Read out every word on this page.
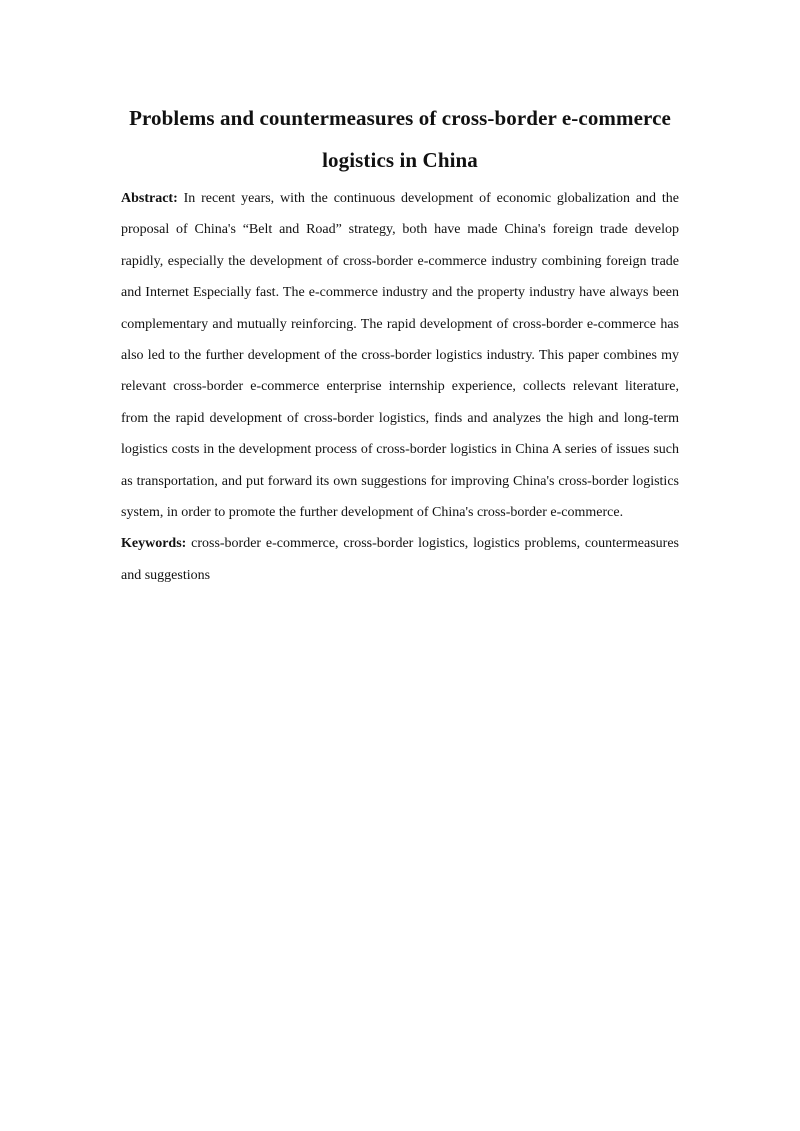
Problems and countermeasures of cross-border e-commerce logistics in China

Abstract: In recent years, with the continuous development of economic globalization and the proposal of China's “Belt and Road” strategy, both have made China's foreign trade develop rapidly, especially the development of cross-border e-commerce industry combining foreign trade and Internet Especially fast. The e-commerce industry and the property industry have always been complementary and mutually reinforcing. The rapid development of cross-border e-commerce has also led to the further development of the cross-border logistics industry. This paper combines my relevant cross-border e-commerce enterprise internship experience, collects relevant literature, from the rapid development of cross-border logistics, finds and analyzes the high and long-term logistics costs in the development process of cross-border logistics in China A series of issues such as transportation, and put forward its own suggestions for improving China's cross-border logistics system, in order to promote the further development of China's cross-border e-commerce.

Keywords: cross-border e-commerce, cross-border logistics, logistics problems, countermeasures and suggestions
